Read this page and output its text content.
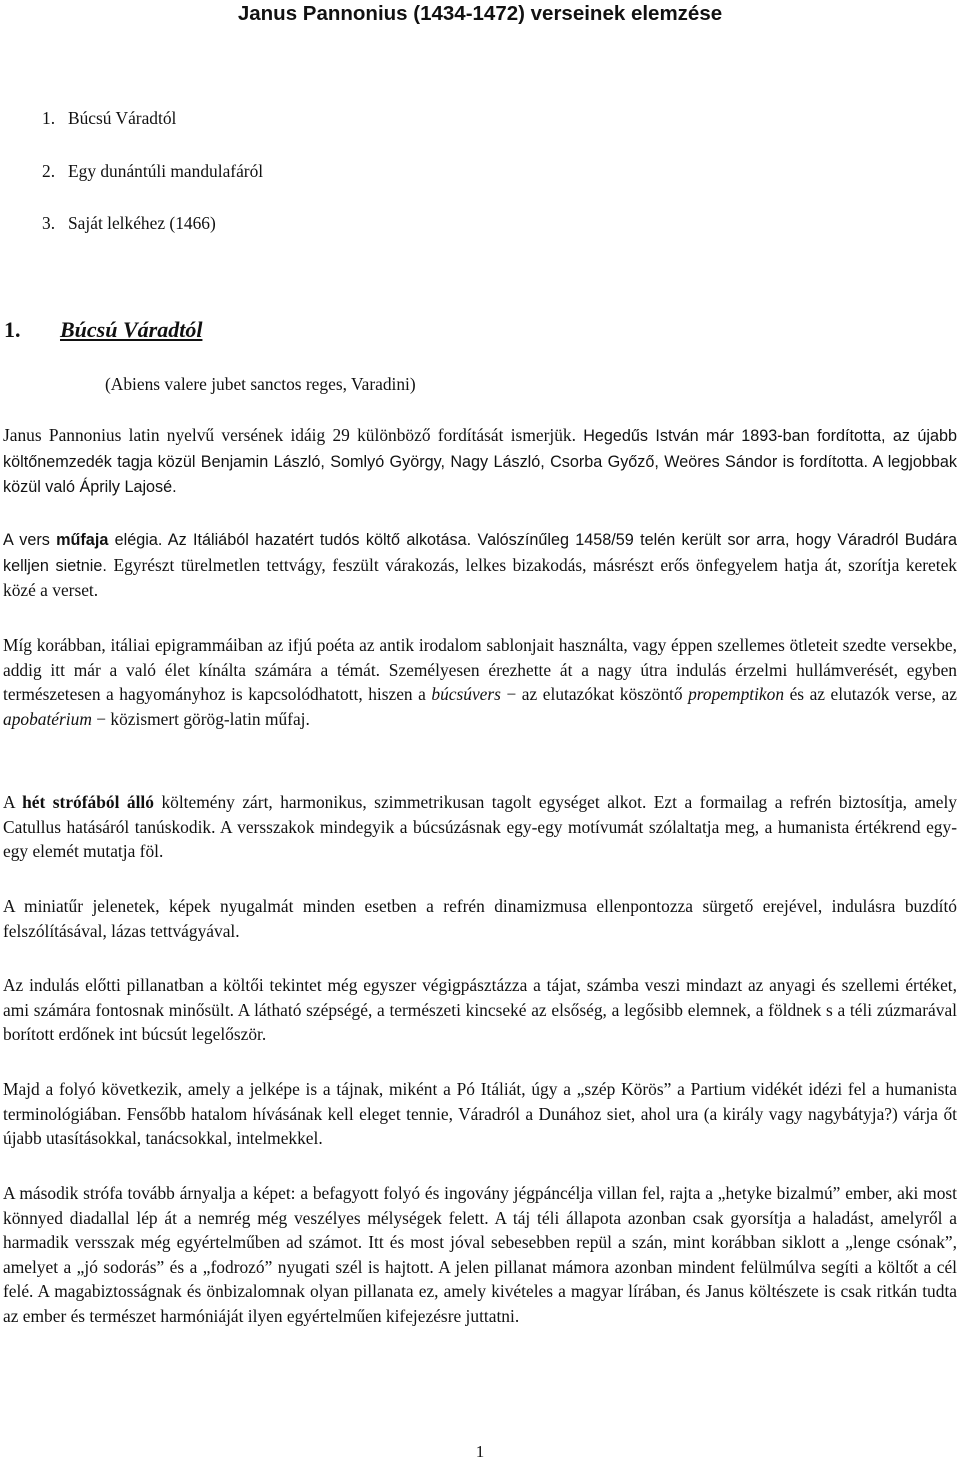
Janus Pannonius (1434-1472) verseinek elemzése
1. Búcsú Váradtól
2. Egy dunántúli mandulafáról
3. Saját lelkéhez (1466)
1. Búcsú Váradtól
(Abiens valere jubet sanctos reges, Varadini)

Janus Pannonius latin nyelvű versének idáig 29 különböző fordítását ismerjük. Hegedűs István már 1893-ban fordította, az újabb költőnemzedék tagja közül Benjamin László, Somlyó György, Nagy László, Csorba Győző, Weöres Sándor is fordította. A legjobbak közül való Áprily Lajosé.

A vers műfaja elégia. Az Itáliából hazatért tudós költő alkotása. Valószínűleg 1458/59 telén került sor arra, hogy Váradról Budára kelljen sietnie. Egyrészt türelmetlen tettvágy, feszült várakozás, lelkes bizakodás, másrészt erős önfegyelem hatja át, szorítja keretek közé a verset.

Míg korábban, itáliai epigrammáiban az ifjú poéta az antik irodalom sablonjait használta, vagy éppen szellemes ötleteit szedte versekbe, addig itt már a való élet kínálta számára a témát. Személyesen érezhette át a nagy útra indulás érzelmi hullámverését, egyben természetesen a hagyományhoz is kapcsolódhatott, hiszen a búcsúvers − az elutazókat köszöntő propemptikon és az elutazók verse, az apobatérium − közismert görög-latin műfaj.

A hét strófából álló költemény zárt, harmonikus, szimmetrikusan tagolt egységet alkot. Ezt a formailag a refrén biztosítja, amely Catullus hatásáról tanúskodik. A versszakok mindegyik a búcsúzásnak egy-egy motívumát szólaltatja meg, a humanista értékrend egy-egy elemét mutatja föl.

A miniatűr jelenetek, képek nyugalmát minden esetben a refrén dinamizmusa ellenpontozza sürgető erejével, indulásra buzdító felszólításával, lázas tettvágyával.

Az indulás előtti pillanatban a költői tekintet még egyszer végigpásztázza a tájat, számba veszi mindazt az anyagi és szellemi értéket, ami számára fontosnak minősült. A látható szépségé, a természeti kincseké az elsőség, a legősibb elemnek, a földnek s a téli zúzmarával borított erdőnek int búcsút legelőször.

Majd a folyó következik, amely a jelképe is a tájnak, miként a Pó Itáliát, úgy a „szép Körös” a Partium vidékét idézi fel a humanista terminológiában. Fensőbb hatalom hívásának kell eleget tennie, Váradról a Dunához siet, ahol ura (a király vagy nagybátyja?) várja őt újabb utasításokkal, tanácsokkal, intelmekkel.

A második strófa tovább árnyalja a képet: a befagyott folyó és ingovány jégpáncélja villan fel, rajta a „hetyke bizalmú” ember, aki most könnyed diadallal lép át a nemrég még veszélyes mélységek felett. A táj téli állapota azonban csak gyorsítja a haladást, amelyről a harmadik versszak még egyértelműben ad számot. Itt és most jóval sebesebben repül a szán, mint korábban siklott a „lenge csónak”, amelyet a „jó sodorás” és a „fodrozó” nyugati szél is hajtott. A jelen pillanat mámora azonban mindent felülmúlva segíti a költőt a cél felé. A magabiztosságnak és önbizalomnak olyan pillanata ez, amely kivételes a magyar lírában, és Janus költészete is csak ritkán tudta az ember és természet harmóniáját ilyen egyértelműen kifejezésre juttatni.

1
